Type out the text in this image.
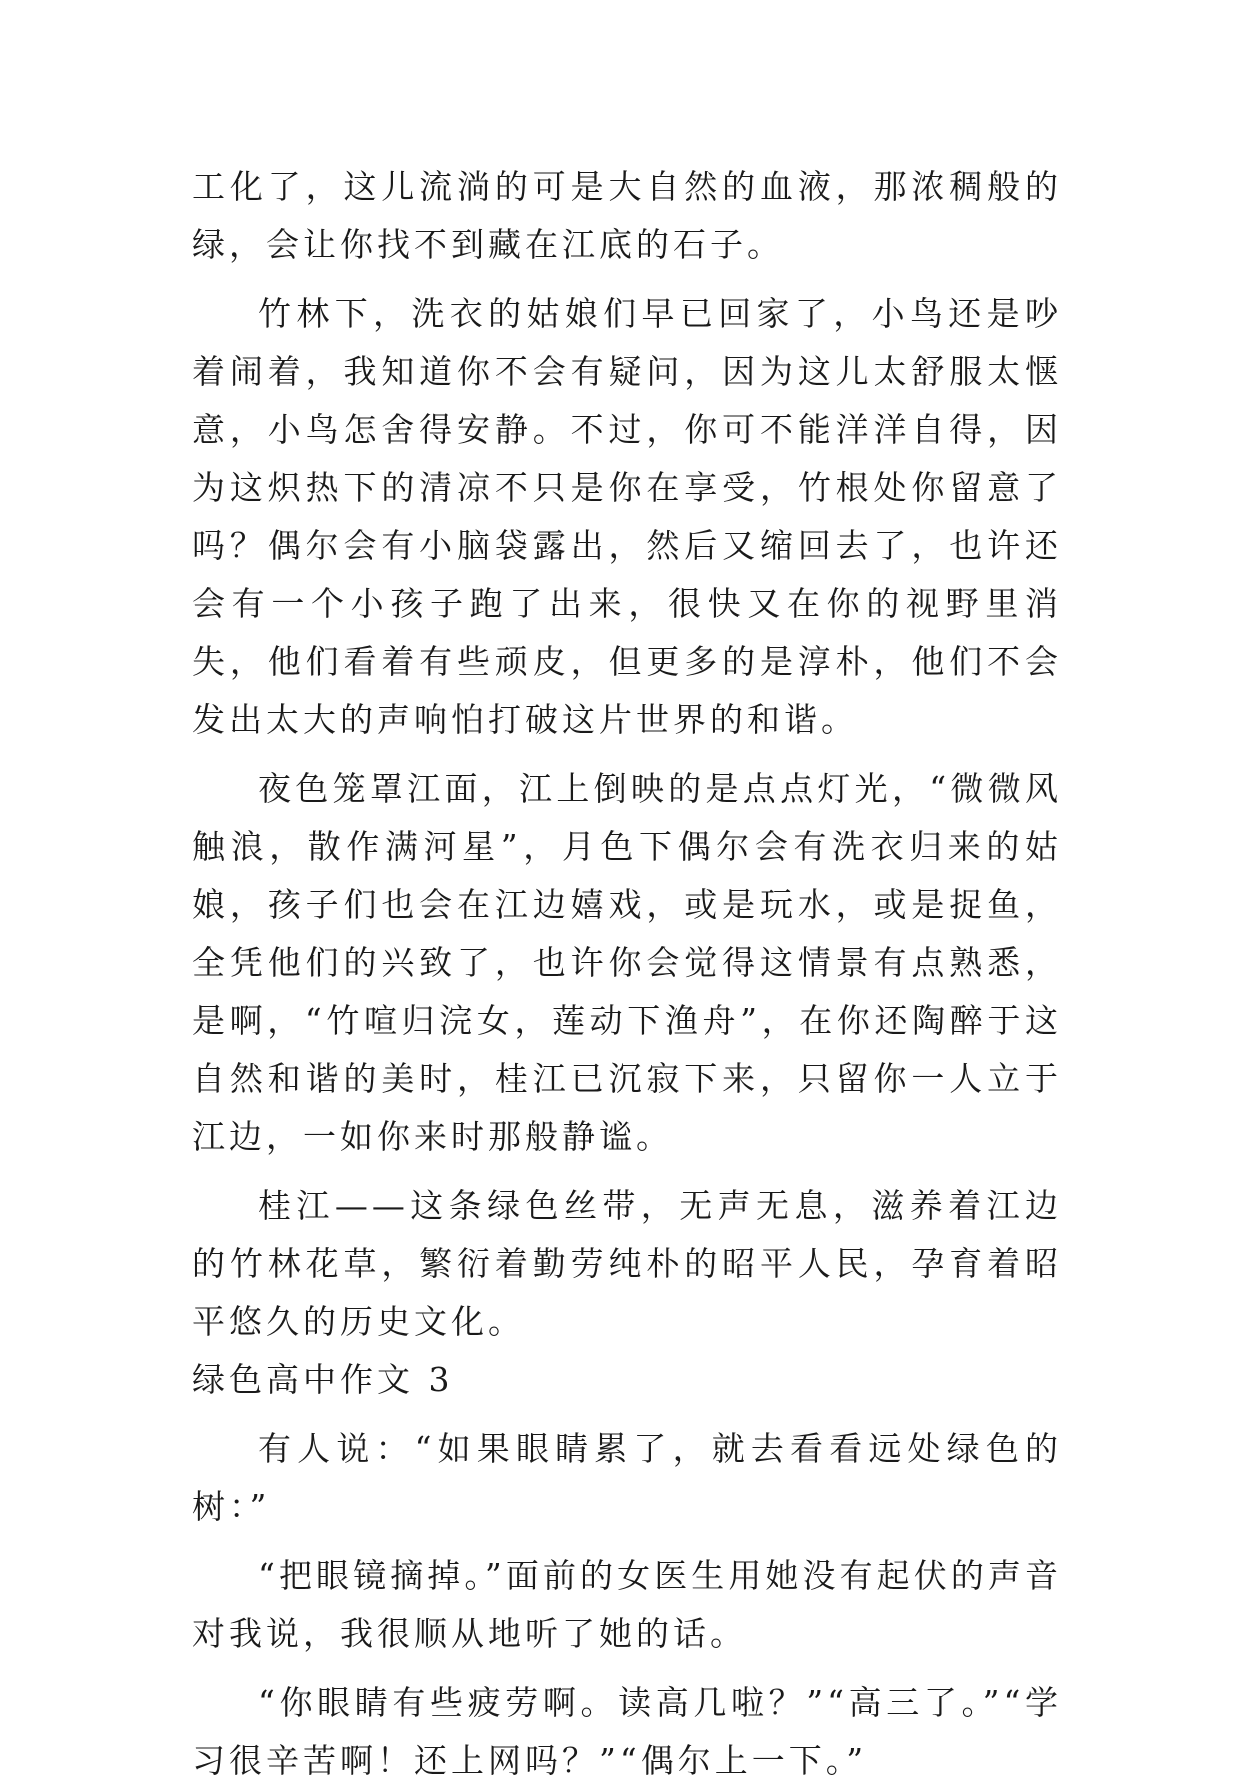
工化了，这儿流淌的可是大自然的血液，那浓稠般的绿，会让你找不到藏在江底的石子。

竹林下，洗衣的姑娘们早已回家了，小鸟还是吵着闹着，我知道你不会有疑问，因为这儿太舒服太惬意，小鸟怎舍得安静。不过，你可不能洋洋自得，因为这炽热下的清凉不只是你在享受，竹根处你留意了吗？偶尔会有小脑袋露出，然后又缩回去了，也许还会有一个小孩子跑了出来，很快又在你的视野里消失，他们看着有些顽皮，但更多的是淳朴，他们不会发出太大的声响怕打破这片世界的和谐。

夜色笼罩江面，江上倒映的是点点灯光，“微微风触浪，散作满河星”，月色下偶尔会有洗衣归来的姑娘，孩子们也会在江边嬉戏，或是玩水，或是捉鱼，全凭他们的兴致了，也许你会觉得这情景有点熟悉，是啊，“竹喧归浣女，莲动下渔舟”，在你还陶醉于这自然和谐的美时，桂江已沉寂下来，只留你一人立于江边，一如你来时那般静谧。

桂江——这条绿色丝带，无声无息，滋养着江边的竹林花草，繁衍着勤劳纯朴的昭平人民，孕育着昭平悠久的历史文化。

绿色高中作文 3

有人说：“如果眼睛累了，就去看看远处绿色的树：”

“把眼镜摘掉。”面前的女医生用她没有起伏的声音对我说，我很顺从地听了她的话。

“你眼睛有些疲劳啊。读高几啦？”“高三了。”“学习很辛苦啊！还上网吗？”“偶尔上一下。”
